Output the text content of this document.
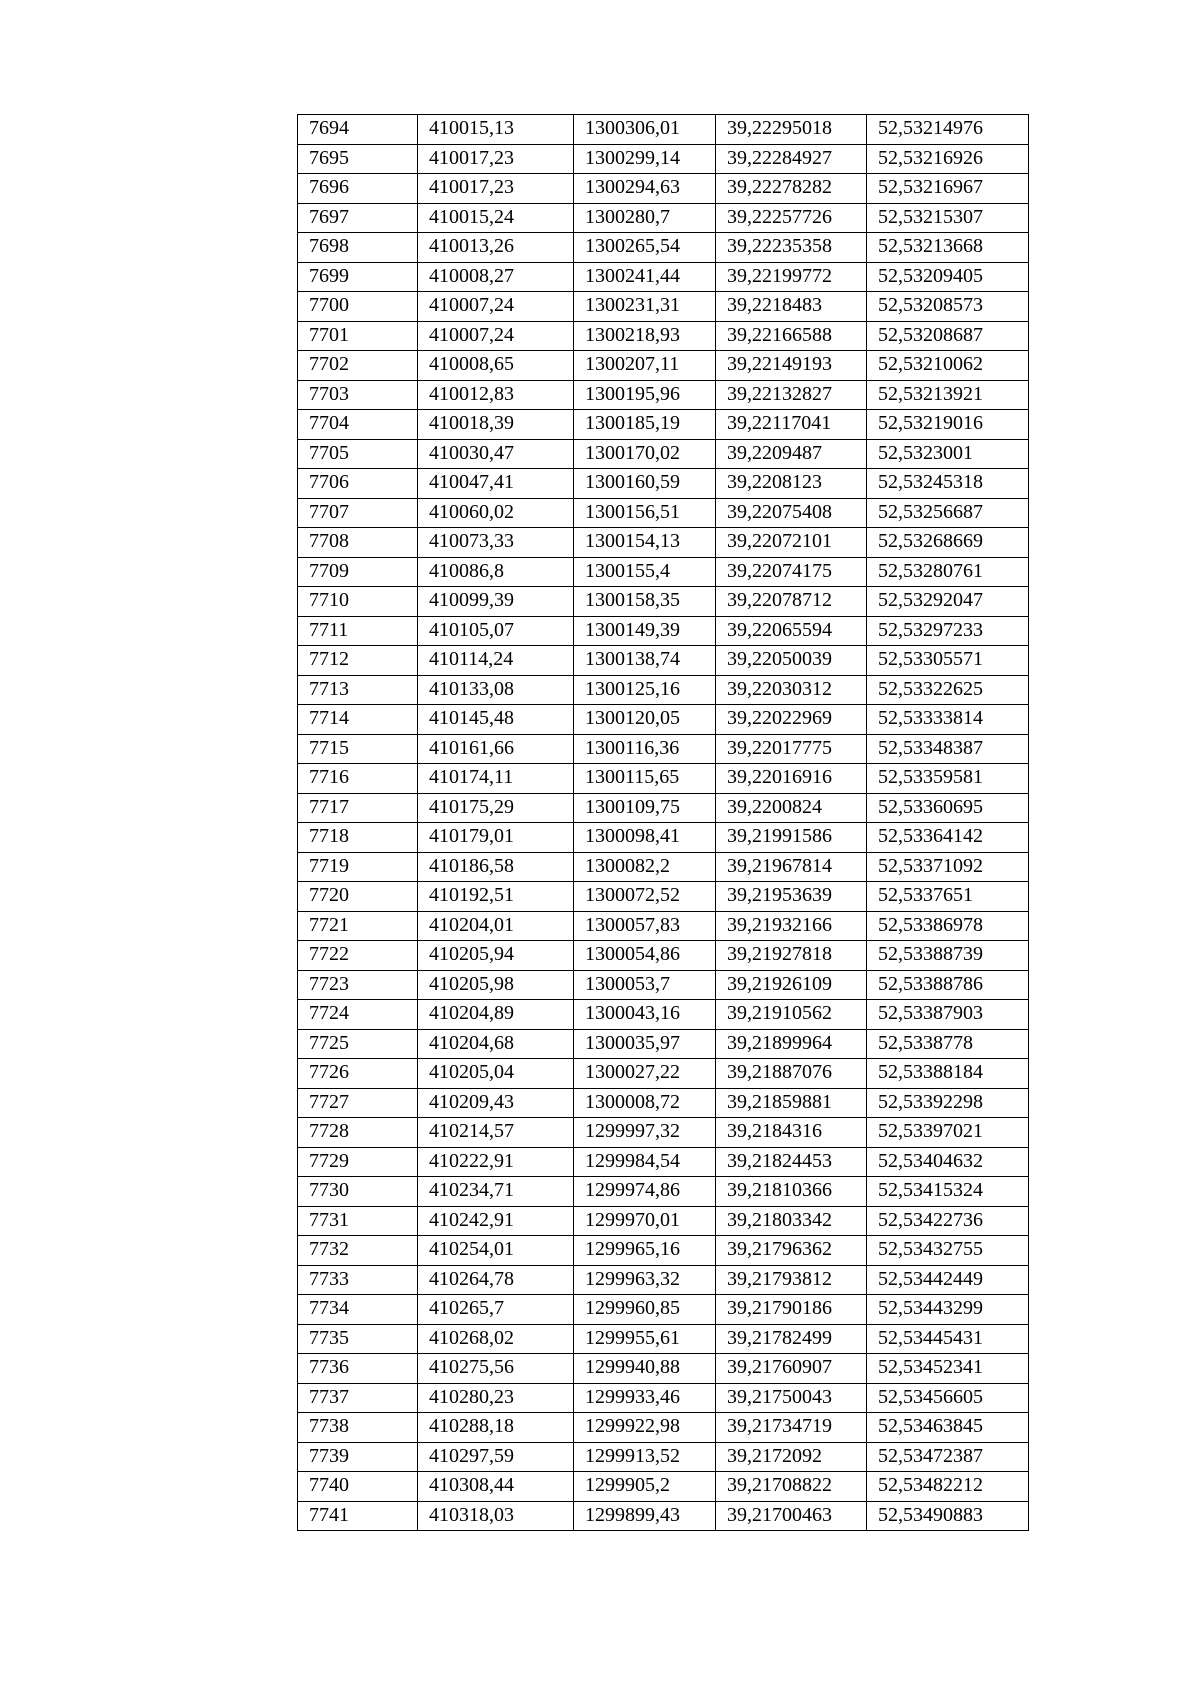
7694	410015,13	1300306,01	39,22295018	52,53214976
7695	410017,23	1300299,14	39,22284927	52,53216926
7696	410017,23	1300294,63	39,22278282	52,53216967
7697	410015,24	1300280,7	39,22257726	52,53215307
7698	410013,26	1300265,54	39,22235358	52,53213668
7699	410008,27	1300241,44	39,22199772	52,53209405
7700	410007,24	1300231,31	39,2218483	52,53208573
7701	410007,24	1300218,93	39,22166588	52,53208687
7702	410008,65	1300207,11	39,22149193	52,53210062
7703	410012,83	1300195,96	39,22132827	52,53213921
7704	410018,39	1300185,19	39,22117041	52,53219016
7705	410030,47	1300170,02	39,2209487	52,5323001
7706	410047,41	1300160,59	39,2208123	52,53245318
7707	410060,02	1300156,51	39,22075408	52,53256687
7708	410073,33	1300154,13	39,22072101	52,53268669
7709	410086,8	1300155,4	39,22074175	52,53280761
7710	410099,39	1300158,35	39,22078712	52,53292047
7711	410105,07	1300149,39	39,22065594	52,53297233
7712	410114,24	1300138,74	39,22050039	52,53305571
7713	410133,08	1300125,16	39,22030312	52,53322625
7714	410145,48	1300120,05	39,22022969	52,53333814
7715	410161,66	1300116,36	39,22017775	52,53348387
7716	410174,11	1300115,65	39,22016916	52,53359581
7717	410175,29	1300109,75	39,2200824	52,53360695
7718	410179,01	1300098,41	39,21991586	52,53364142
7719	410186,58	1300082,2	39,21967814	52,53371092
7720	410192,51	1300072,52	39,21953639	52,5337651
7721	410204,01	1300057,83	39,21932166	52,53386978
7722	410205,94	1300054,86	39,21927818	52,53388739
7723	410205,98	1300053,7	39,21926109	52,53388786
7724	410204,89	1300043,16	39,21910562	52,53387903
7725	410204,68	1300035,97	39,21899964	52,5338778
7726	410205,04	1300027,22	39,21887076	52,53388184
7727	410209,43	1300008,72	39,21859881	52,53392298
7728	410214,57	1299997,32	39,2184316	52,53397021
7729	410222,91	1299984,54	39,21824453	52,53404632
7730	410234,71	1299974,86	39,21810366	52,53415324
7731	410242,91	1299970,01	39,21803342	52,53422736
7732	410254,01	1299965,16	39,21796362	52,53432755
7733	410264,78	1299963,32	39,21793812	52,53442449
7734	410265,7	1299960,85	39,21790186	52,53443299
7735	410268,02	1299955,61	39,21782499	52,53445431
7736	410275,56	1299940,88	39,21760907	52,53452341
7737	410280,23	1299933,46	39,21750043	52,53456605
7738	410288,18	1299922,98	39,21734719	52,53463845
7739	410297,59	1299913,52	39,2172092	52,53472387
7740	410308,44	1299905,2	39,21708822	52,53482212
7741	410318,03	1299899,43	39,21700463	52,53490883
